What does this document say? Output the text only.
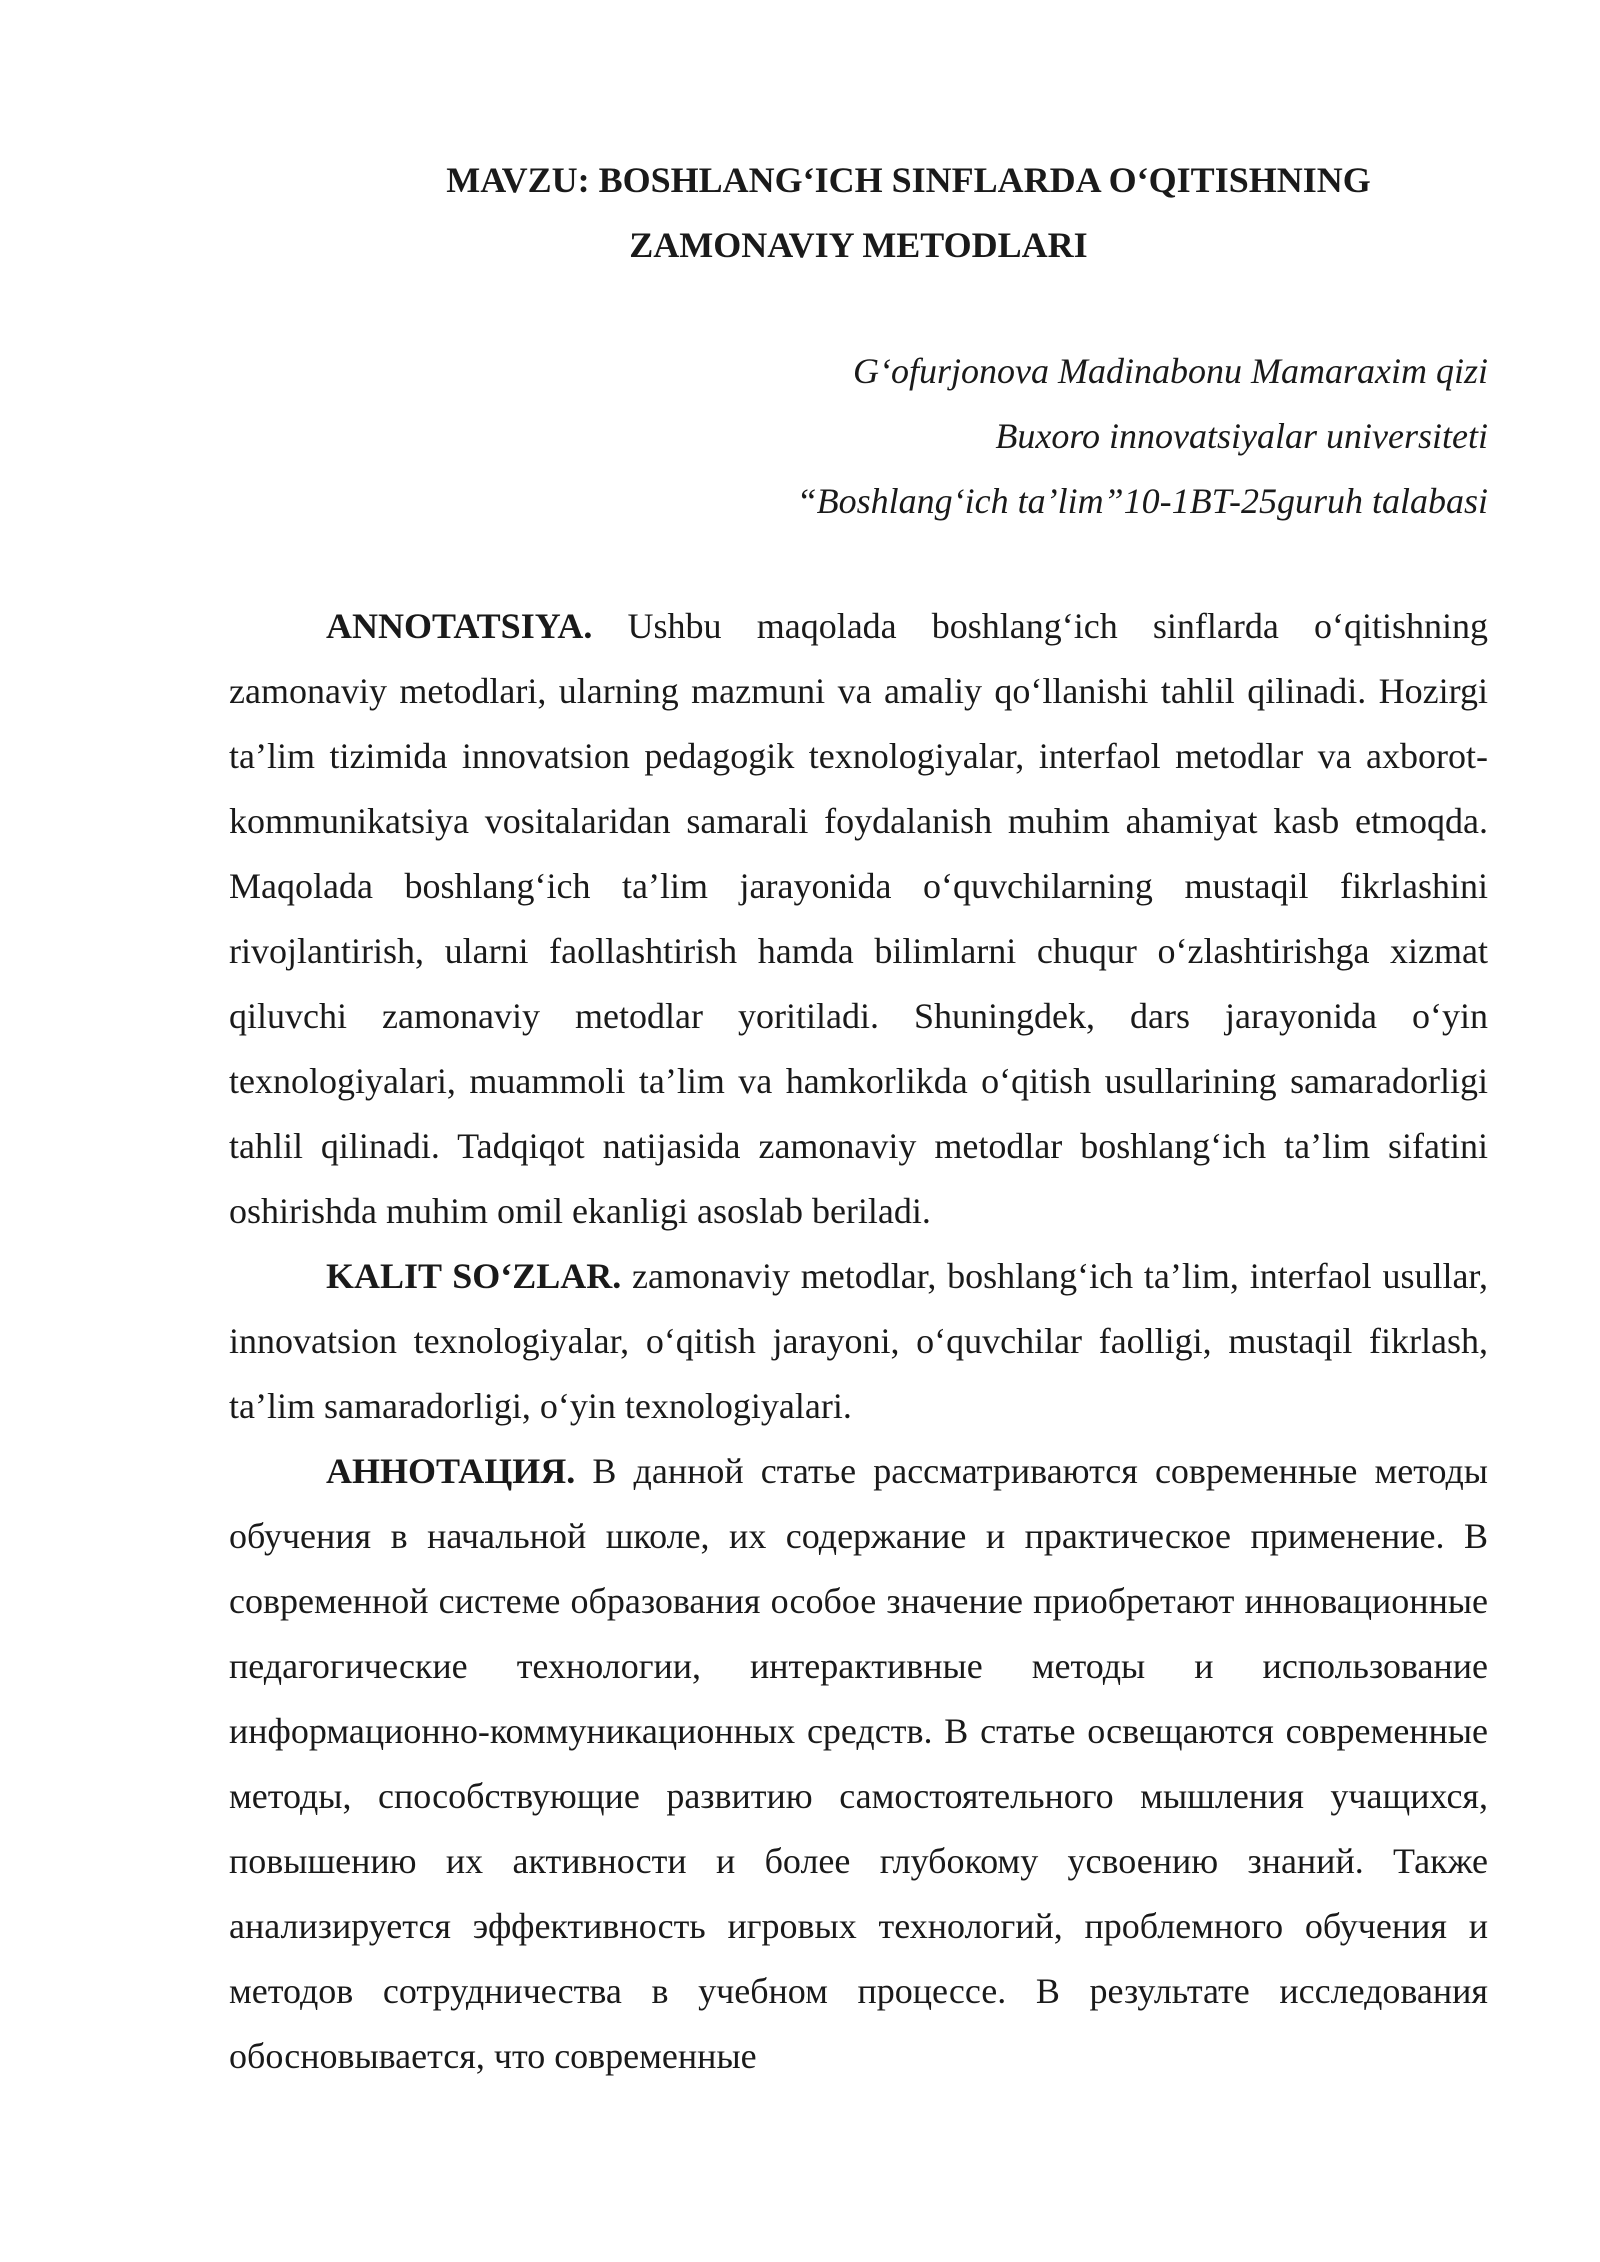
MAVZU: BOSHLANG‘ICH SINFLARDA O‘QITISHNING
ZAMONAVIY METODLARI
G‘ofurjonova Madinabonu Mamaraxim qizi
Buxoro innovatsiyalar universiteti
“Boshlang‘ich ta’lim”10-1BT-25guruh talabasi

ANNOTATSIYA. Ushbu maqolada boshlang‘ich sinflarda o‘qitishning zamonaviy metodlari, ularning mazmuni va amaliy qo‘llanishi tahlil qilinadi. Hozirgi ta’lim tizimida innovatsion pedagogik texnologiyalar, interfaol metodlar va axborot-kommunikatsiya vositalaridan samarali foydalanish muhim ahamiyat kasb etmoqda. Maqolada boshlang‘ich ta’lim jarayonida o‘quvchilarning mustaqil fikrlashini rivojlantirish, ularni faollashtirish hamda bilimlarni chuqur o‘zlashtirishga xizmat qiluvchi zamonaviy metodlar yoritiladi. Shuningdek, dars jarayonida o‘yin texnologiyalari, muammoli ta’lim va hamkorlikda o‘qitish usullarining samaradorligi tahlil qilinadi. Tadqiqot natijasida zamonaviy metodlar boshlang‘ich ta’lim sifatini oshirishda muhim omil ekanligi asoslab beriladi.

KALIT SO‘ZLAR. zamonaviy metodlar, boshlang‘ich ta’lim, interfaol usullar, innovatsion texnologiyalar, o‘qitish jarayoni, o‘quvchilar faolligi, mustaqil fikrlash, ta’lim samaradorligi, o‘yin texnologiyalari.

АННОТАЦИЯ. В данной статье рассматриваются современные методы обучения в начальной школе, их содержание и практическое применение. В современной системе образования особое значение приобретают инновационные педагогические технологии, интерактивные методы и использование информационно-коммуникационных средств. В статье освещаются современные методы, способствующие развитию самостоятельного мышления учащихся, повышению их активности и более глубокому усвоению знаний. Также анализируется эффективность игровых технологий, проблемного обучения и методов сотрудничества в учебном процессе. В результате исследования обосновывается, что современные
